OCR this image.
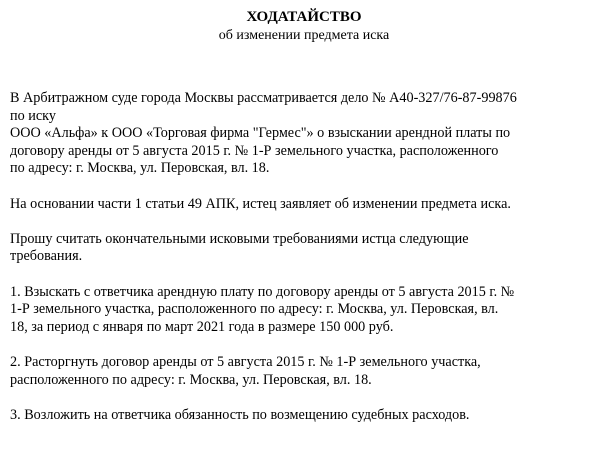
ХОДАТАЙСТВО
об изменении предмета иска

В Арбитражном суде города Москвы рассматривается дело № А40-327/76-87-99876
по иску
ООО «Альфа» к ООО «Торговая фирма "Гермес"» о взыскании арендной платы по
договору аренды от 5 августа 2015 г. № 1-Р земельного участка, расположенного
по адресу: г. Москва, ул. Перовская, вл. 18.

На основании части 1 статьи 49 АПК, истец заявляет об изменении предмета иска.

Прошу считать окончательными исковыми требованиями истца следующие
требования.

1. Взыскать с ответчика арендную плату по договору аренды от 5 августа 2015 г. №
1-Р земельного участка, расположенного по адресу: г. Москва, ул. Перовская, вл.
18, за период с января по март 2021 года в размере 150 000 руб.

2. Расторгнуть договор аренды от 5 августа 2015 г. № 1-Р земельного участка,
расположенного по адресу: г. Москва, ул. Перовская, вл. 18.

3. Возложить на ответчика обязанность по возмещению судебных расходов.
